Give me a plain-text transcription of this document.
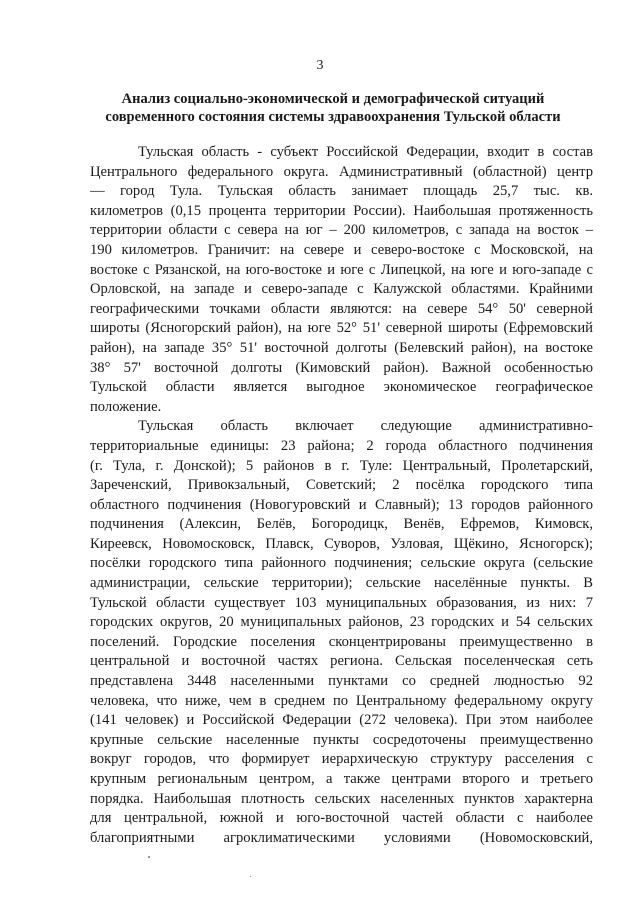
3
Анализ социально-экономической и демографической ситуаций
современного состояния системы здравоохранения Тульской области
Тульская область - субъект Российской Федерации, входит в состав
Центрального федерального округа. Административный (областной) центр
— город Тула. Тульская область занимает площадь 25,7 тыс. кв.
километров (0,15 процента территории России). Наибольшая протяженность
территории области с севера на юг – 200 километров, с запада на восток –
190 километров. Граничит: на севере и северо-востоке с Московской, на
востоке с Рязанской, на юго-востоке и юге с Липецкой, на юге и юго-западе с
Орловской, на западе и северо-западе с Калужской областями. Крайними
географическими точками области являются: на севере 54° 50' северной
широты (Ясногорский район), на юге 52° 51' северной широты (Ефремовский
район), на западе 35° 51' восточной долготы (Белевский район), на востоке
38° 57' восточной долготы (Кимовский район). Важной особенностью
Тульской области является выгодное экономическое географическое
положение.
Тульская область включает следующие административно-
территориальные единицы: 23 района; 2 города областного подчинения
(г. Тула, г. Донской); 5 районов в г. Туле: Центральный, Пролетарский,
Зареченский, Привокзальный, Советский; 2 посёлка городского типа
областного подчинения (Новогуровский и Славный); 13 городов районного
подчинения (Алексин, Белёв, Богородицк, Венёв, Ефремов, Кимовск,
Киреевск, Новомосковск, Плавск, Суворов, Узловая, Щёкино, Ясногорск);
посёлки городского типа районного подчинения; сельские округа (сельские
администрации, сельские территории); сельские населённые пункты. В
Тульской области существует 103 муниципальных образования, из них: 7
городских округов, 20 муниципальных районов, 23 городских и 54 сельских
поселений. Городские поселения сконцентрированы преимущественно в
центральной и восточной частях региона. Сельская поселенческая сеть
представлена 3448 населенными пунктами со средней людностью 92
человека, что ниже, чем в среднем по Центральному федеральному округу
(141 человек) и Российской Федерации (272 человека). При этом наиболее
крупные сельские населенные пункты сосредоточены преимущественно
вокруг городов, что формирует иерархическую структуру расселения с
крупным региональным центром, а также центрами второго и третьего
порядка. Наибольшая плотность сельских населенных пунктов характерна
для центральной, южной и юго-восточной частей области с наиболее
благоприятными агроклиматическими условиями (Новомосковский,
